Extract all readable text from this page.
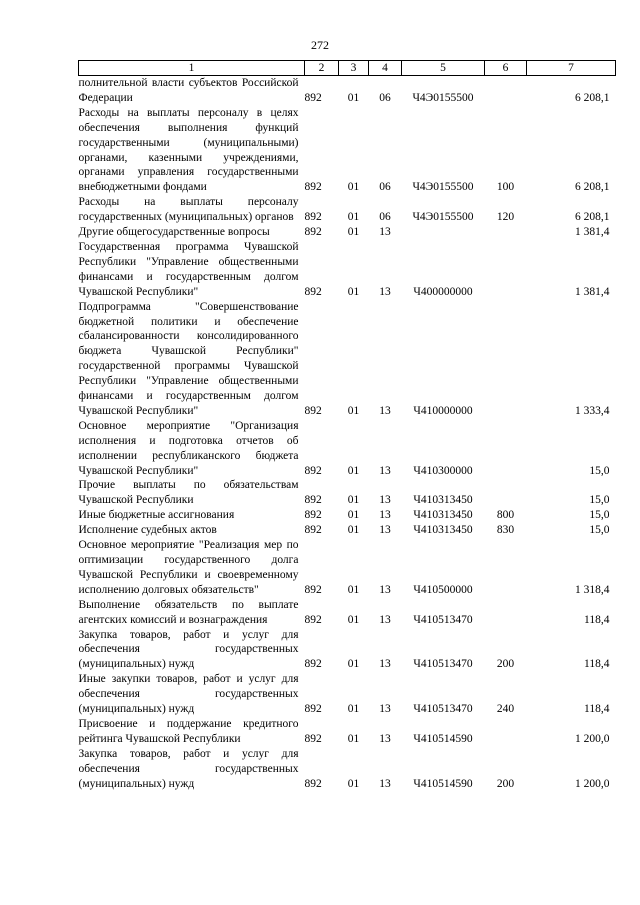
272
1	2	3	4	5	6	7
полнительной власти субъектов Российской Федерации	892	01	06	Ч4Э0155500		6 208,1
Расходы на выплаты персоналу в целях обеспечения выполнения функций государственными (муниципальными) органами, казенными учреждениями, органами управления государственными внебюджетными фондами	892	01	06	Ч4Э0155500	100	6 208,1
Расходы на выплаты персоналу государственных (муниципальных) органов	892	01	06	Ч4Э0155500	120	6 208,1
Другие общегосударственные вопросы	892	01	13			1 381,4
Государственная программа Чувашской Республики "Управление общественными финансами и государственным долгом Чувашской Республики"	892	01	13	Ч400000000		1 381,4
Подпрограмма "Совершенствование бюджетной политики и обеспечение сбалансированности консолидированного бюджета Чувашской Республики" государственной программы Чувашской Республики "Управление общественными финансами и государственным долгом Чувашской Республики"	892	01	13	Ч410000000		1 333,4
Основное мероприятие "Организация исполнения и подготовка отчетов об исполнении республиканского бюджета Чувашской Республики"	892	01	13	Ч410300000		15,0
Прочие выплаты по обязательствам Чувашской Республики	892	01	13	Ч410313450		15,0
Иные бюджетные ассигнования	892	01	13	Ч410313450	800	15,0
Исполнение судебных актов	892	01	13	Ч410313450	830	15,0
Основное мероприятие "Реализация мер по оптимизации государственного долга Чувашской Республики и своевременному исполнению долговых обязательств"	892	01	13	Ч410500000		1 318,4
Выполнение обязательств по выплате агентских комиссий и вознаграждения	892	01	13	Ч410513470		118,4
Закупка товаров, работ и услуг для обеспечения государственных (муниципальных) нужд	892	01	13	Ч410513470	200	118,4
Иные закупки товаров, работ и услуг для обеспечения государственных (муниципальных) нужд	892	01	13	Ч410513470	240	118,4
Присвоение и поддержание кредитного рейтинга Чувашской Республики	892	01	13	Ч410514590		1 200,0
Закупка товаров, работ и услуг для обеспечения государственных (муниципальных) нужд	892	01	13	Ч410514590	200	1 200,0
